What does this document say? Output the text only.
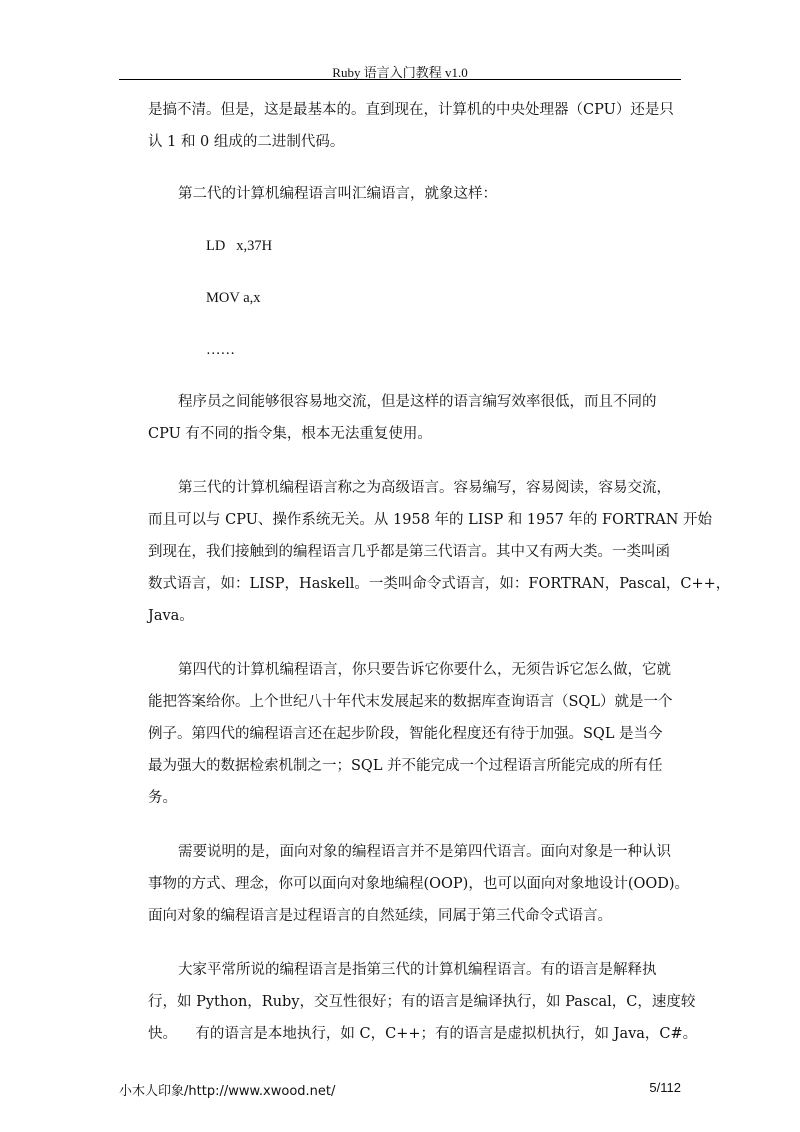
Ruby 语言入门教程 v1.0
是搞不清。但是，这是最基本的。直到现在，计算机的中央处理器（CPU）还是只
认 1 和 0 组成的二进制代码。
第二代的计算机编程语言叫汇编语言，就象这样：
LD   x,37H
MOV a,x
……
程序员之间能够很容易地交流，但是这样的语言编写效率很低，而且不同的
CPU 有不同的指令集，根本无法重复使用。
第三代的计算机编程语言称之为高级语言。容易编写，容易阅读，容易交流，
而且可以与 CPU、操作系统无关。从 1958 年的 LISP 和 1957 年的 FORTRAN 开始
到现在，我们接触到的编程语言几乎都是第三代语言。其中又有两大类。一类叫函
数式语言，如：LISP，Haskell。一类叫命令式语言，如：FORTRAN，Pascal，C++，
Java。
第四代的计算机编程语言，你只要告诉它你要什么，无须告诉它怎么做，它就
能把答案给你。上个世纪八十年代末发展起来的数据库查询语言（SQL）就是一个
例子。第四代的编程语言还在起步阶段，智能化程度还有待于加强。SQL 是当今
最为强大的数据检索机制之一；SQL 并不能完成一个过程语言所能完成的所有任
务。
需要说明的是，面向对象的编程语言并不是第四代语言。面向对象是一种认识
事物的方式、理念，你可以面向对象地编程(OOP)，也可以面向对象地设计(OOD)。
面向对象的编程语言是过程语言的自然延续，同属于第三代命令式语言。
大家平常所说的编程语言是指第三代的计算机编程语言。有的语言是解释执
行，如 Python，Ruby，交互性很好；有的语言是编译执行，如 Pascal，C，速度较
快。    有的语言是本地执行，如 C，C++；有的语言是虚拟机执行，如 Java，C#。
小木人印象/http://www.xwood.net/	5/112
